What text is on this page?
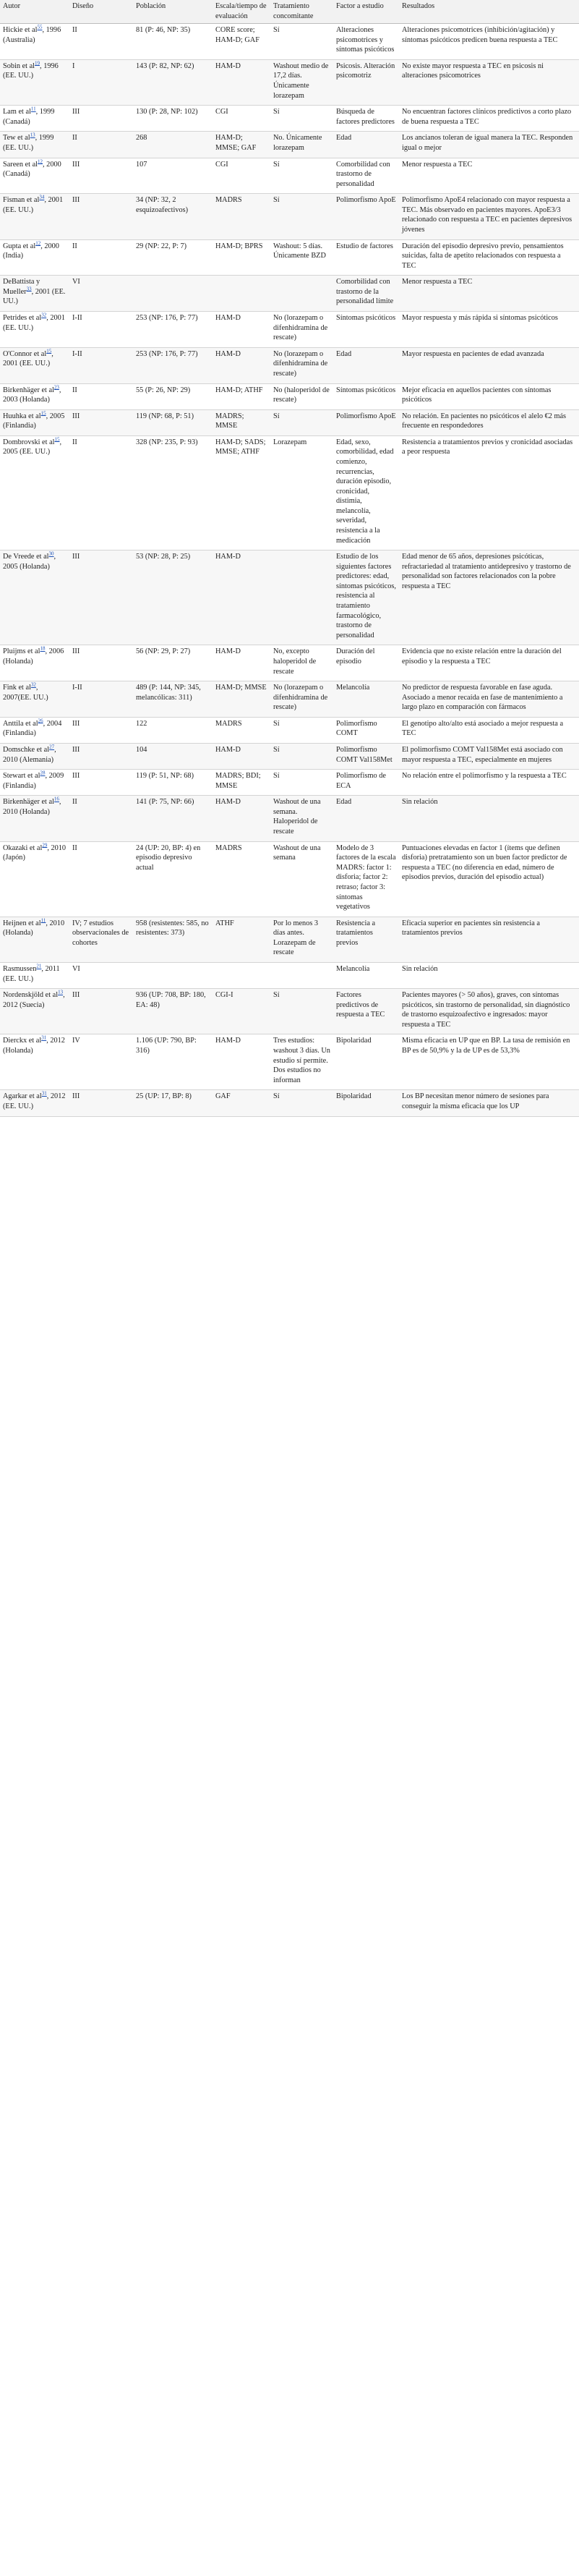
Autor	Diseño	Población	Escala/tiempo de evaluación	Tratamiento concomitante	Factor a estudio	Resultados
Hickie et $al^{55}$, 1996 (Australia)	II	81 (P: 46, NP: 35)	CORE score; HAM-D; GAF	Sí	Alteraciones psicomotrices y síntomas psicóticos	Alteraciones psicomotrices (inhibición/agitación) y síntomas psicóticos predicen buena respuesta a TEC
Sobin et $al^{19}$, 1996 (EE. UU.)	I	143 (P: 82, NP: 62)	HAM-D	Washout medio de 17,2 días. Únicamente lorazepam	Psicosis. Alteración psicomotriz	No existe mayor respuesta a TEC en psicosis ni alteraciones psicomotrices
Lam et $al^{11}$, 1999 (Canadá)	III	130 (P: 28, NP: 102)	CGI	Sí	Búsqueda de factores predictores	No encuentran factores clínicos predictivos a corto plazo de buena respuesta a TEC
Tew et $al^{13}$, 1999 (EE. UU.)	II	268	HAM-D; MMSE; GAF	No. Únicamente lorazepam	Edad	Los ancianos toleran de igual manera la TEC. Responden igual o mejor
Sareen et $al^{12}$, 2000 (Canadá)	III	107	CGI	Sí	Comorbilidad con trastorno de personalidad	Menor respuesta a TEC
Fisman et $al^{34}$, 2001 (EE. UU.)	III	34 (NP: 32, 2 esquizoafectivos)	MADRS	Sí	Polimorfismo ApoE	Polimorfismo ApoE4 relacionado con mayor respuesta a TEC. Más observado en pacientes mayores. ApoE3/3 relacionado con respuesta a TEC en pacientes depresivos jóvenes
Gupta et $al^{12}$, 2000 (India)	II	29 (NP: 22, P: 7)	HAM-D; BPRS	Washout: 5 días. Únicamente BZD	Estudio de factores	Duración del episodio depresivo previo, pensamientos suicidas, falta de apetito relacionados con respuesta a TEC
DeBattista y Mueller$^{33}$, 2001 (EE. UU.)	VI				Comorbilidad con trastorno de la personalidad límite	Menor respuesta a TEC
Petrides et $al^{32}$, 2001 (EE. UU.)	I-II	253 (NP: 176, P: 77)	HAM-D	No (lorazepam o difenhidramina de rescate)	Síntomas psicóticos	Mayor respuesta y más rápida si síntomas psicóticos
O'Connor et $al^{15}$, 2001 (EE. UU.)	I-II	253 (NP: 176, P: 77)	HAM-D	No (lorazepam o difenhidramina de rescate)	Edad	Mayor respuesta en pacientes de edad avanzada
Birkenhäger et $al^{23}$, 2003 (Holanda)	II	55 (P: 26, NP: 29)	HAM-D; ATHF	No (haloperidol de rescate)	Síntomas psicóticos	Mejor eficacia en aquellos pacientes con síntomas psicóticos
Huuhka et $al^{15}$, 2005 (Finlandia)	III	119 (NP: 68, P: 51)	MADRS; MMSE	Sí	Polimorfismo ApoE	No relación. En pacientes no psicóticos el alelo €2 más frecuente en respondedores
Dombrovski et $al^{15}$, 2005 (EE. UU.)	II	328 (NP: 235, P: 93)	HAM-D; SADS; MMSE; ATHF	Lorazepam	Edad, sexo, comorbilidad, edad comienzo, recurrencias, duración episodio, cronicidad, distimia, melancolía, severidad, resistencia a la medicación	Resistencia a tratamientos previos y cronicidad asociadas a peor respuesta
De Vreede et $al^{30}$, 2005 (Holanda)	III	53 (NP: 28, P: 25)	HAM-D		Estudio de los siguientes factores predictores: edad, síntomas psicóticos, resistencia al tratamiento farmacológico, trastorno de personalidad	Edad menor de 65 años, depresiones psicóticas, refractariedad al tratamiento antidepresivo y trastorno de personalidad son factores relacionados con la pobre respuesta a TEC
Pluijms et $al^{18}$, 2006 (Holanda)	III	56 (NP: 29, P: 27)	HAM-D	No, excepto haloperidol de rescate	Duración del episodio	Evidencia que no existe relación entre la duración del episodio y la respuesta a TEC
Fink et $al^{32}$, 2007(EE. UU.)	I-II	489 (P: 144, NP: 345, melancólicas: 311)	HAM-D; MMSE	No (lorazepam o difenhidramina de rescate)	Melancolía	No predictor de respuesta favorable en fase aguda. Asociado a menor recaída en fase de mantenimiento a largo plazo en comparación con fármacos
Anttila et $al^{26}$, 2004 (Finlandia)	III	122	MADRS	Sí	Polimorfismo COMT	El genotipo alto/alto está asociado a mejor respuesta a TEC
Domschke et $al^{27}$, 2010 (Alemania)	III	104	HAM-D	Sí	Polimorfismo COMT Val158Met	El polimorfismo COMT Val158Met está asociado con mayor respuesta a TEC, especialmente en mujeres
Stewart et $al^{28}$, 2009 (Finlandia)	III	119 (P: 51, NP: 68)	MADRS; BDI; MMSE	Sí	Polimorfismo de ECA	No relación entre el polimorfismo y la respuesta a TEC
Birkenhäger et $al^{16}$, 2010 (Holanda)	II	141 (P: 75, NP: 66)	HAM-D	Washout de una semana. Haloperidol de rescate	Edad	Sin relación
Okazaki et $al^{29}$, 2010 (Japón)	II	24 (UP: 20, BP: 4) en episodio depresivo actual	MADRS	Washout de una semana	Modelo de 3 factores de la escala MADRS: factor 1: disforia; factor 2: retraso; factor 3: síntomas vegetativos	Puntuaciones elevadas en factor 1 (ítems que definen disforia) pretratamiento son un buen factor predictor de respuesta a TEC (no diferencia en edad, número de episodios previos, duración del episodio actual)
Heijnen et $al^{11}$, 2010 (Holanda)	IV; 7 estudios observacionales de cohortes	958 (resistentes: 585, no resistentes: 373)	ATHF	Por lo menos 3 días antes. Lorazepam de rescate	Resistencia a tratamientos previos	Eficacia superior en pacientes sin resistencia a tratamientos previos
Rasmussen$^{21}$, 2011 (EE. UU.)	VI				Melancolía	Sin relación
Nordenskjöld et $al^{13}$, 2012 (Suecia)	III	936 (UP: 708, BP: 180, EA: 48)	CGI-I	Sí	Factores predictivos de respuesta a TEC	Pacientes mayores (> 50 años), graves, con síntomas psicóticos, sin trastorno de personalidad, sin diagnóstico de trastorno esquizoafectivo e ingresados: mayor respuesta a TEC
Dierckx et $al^{31}$, 2012 (Holanda)	IV	1.106 (UP: 790, BP: 316)	HAM-D	Tres estudios: washout 3 días. Un estudio sí permite. Dos estudios no informan	Bipolaridad	Misma eficacia en UP que en BP. La tasa de remisión en BP es de 50,9% y la de UP es de 53,3%
Agarkar et $al^{31}$, 2012 (EE. UU.)	III	25 (UP: 17, BP: 8)	GAF	Sí	Bipolaridad	Los BP necesitan menor número de sesiones para conseguir la misma eficacia que los UP
